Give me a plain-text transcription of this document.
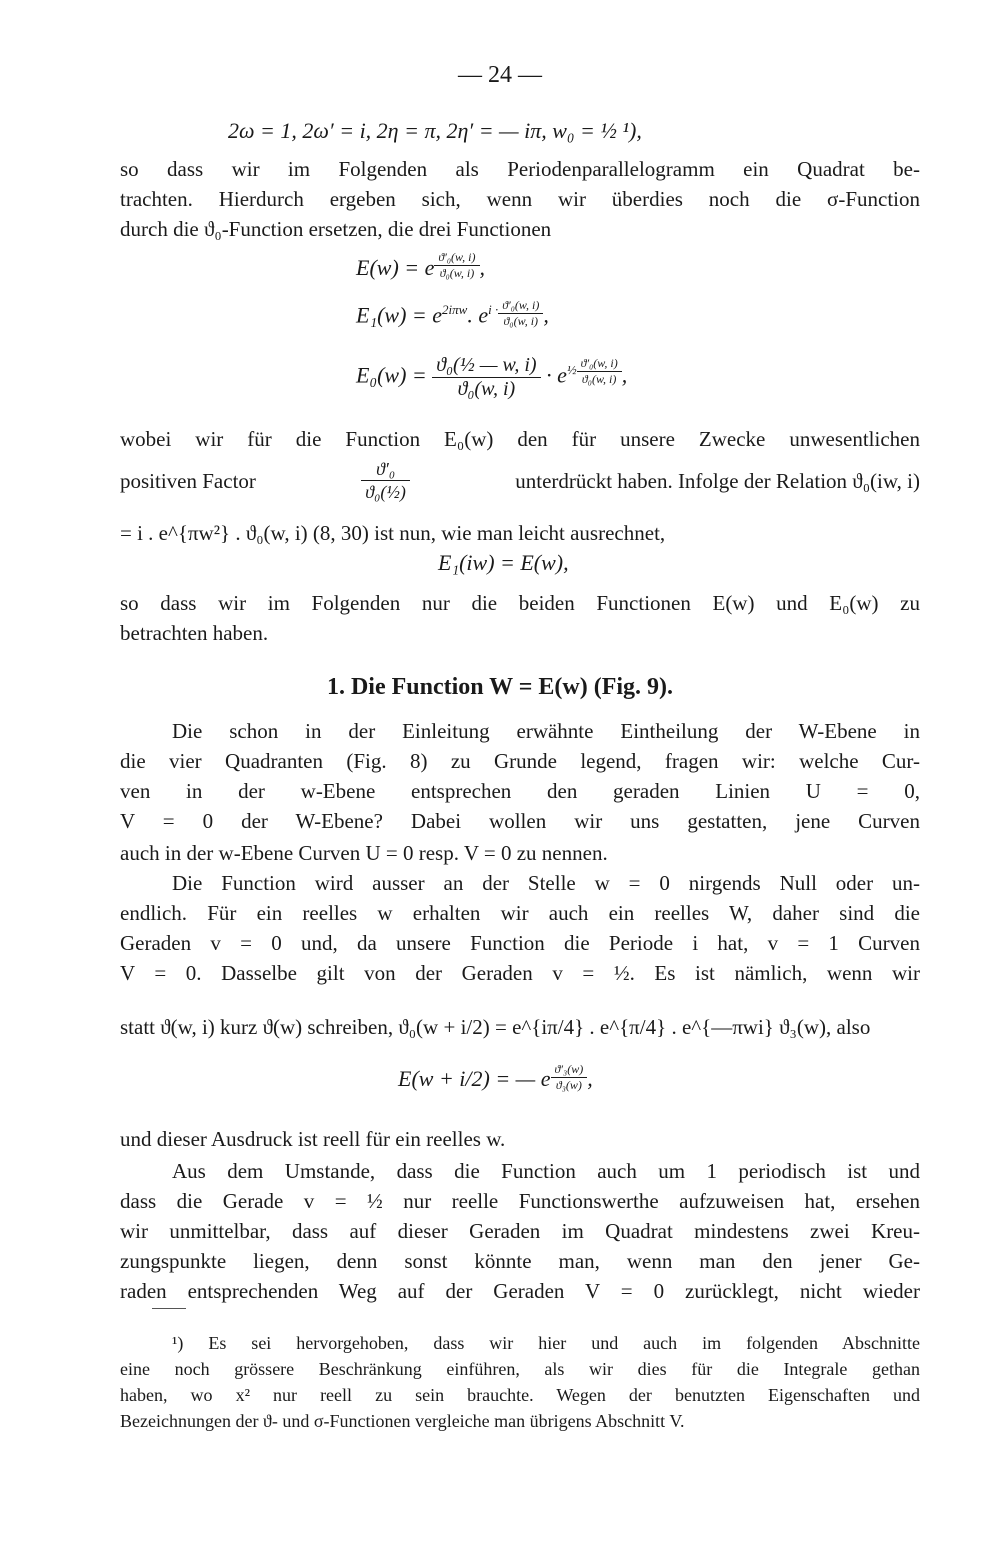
— 24 —
2ω = 1, 2ω′ = i, 2η = π, 2η′ = — iπ, w₀ = ½ ¹),
so dass wir im Folgenden als Periodenparallelogramm ein Quadrat be-
trachten. Hierdurch ergeben sich, wenn wir überdies noch die σ-Function
durch die ϑ₀-Function ersetzen, die drei Functionen
E(w) = e $\frac{\text{ϑ′₀(w, i)}}{\text{ϑ₀(w, i)}}$ ,
$E_1(w) = e^{2i\pi w}$. $e^{i \cdot} \frac{\text{ϑ′₀(w, i)}}{\text{ϑ₀(w, i)}}$ ,
$E_0(w) = \frac{\text{ϑ₀(½ — w, i)}}{\text{ϑ₀(w, i)}} \cdot e^{\frac{1}{2}} \frac{\text{ϑ′₀(w, i)}}{\text{ϑ₀(w, i)}}$ ,
wobei wir für die Function E₀(w) den für unsere Zwecke unwesentlichen
positiven Factor	$\frac{\text{ϑ′₀}}{\text{ϑ₀(½)}}$	unterdrückt haben. Infolge der Relation ϑ₀(iw, i)
= i . e^{πw²} . ϑ₀(w, i) (8, 30) ist nun, wie man leicht ausrechnet,
E₁(iw) = E(w),
so dass wir im Folgenden nur die beiden Functionen E(w) und E₀(w) zu
betrachten haben.
1. Die Function W = E(w) (Fig. 9).
Die schon in der Einleitung erwähnte Eintheilung der W-Ebene in
die vier Quadranten (Fig. 8) zu Grunde legend, fragen wir: welche Cur-
ven in der w-Ebene entsprechen den geraden Linien U = 0,
V = 0 der W-Ebene? Dabei wollen wir uns gestatten, jene Curven
auch in der w-Ebene Curven U = 0 resp. V = 0 zu nennen.
Die Function wird ausser an der Stelle w = 0 nirgends Null oder un-
endlich. Für ein reelles w erhalten wir auch ein reelles W, daher sind die
Geraden v = 0 und, da unsere Function die Periode i hat, v = 1 Curven
V = 0. Dasselbe gilt von der Geraden v = ½. Es ist nämlich, wenn wir
statt ϑ(w, i) kurz ϑ(w) schreiben, ϑ₀(w + i/2) = e^{iπ/4} . e^{π/4} . e^{—πwi} ϑ₃(w), also
E(w + i/2) = — e $\frac{\text{ϑ′₃(w)}}{\text{ϑ₃(w)}}$ ,
und dieser Ausdruck ist reell für ein reelles w.
Aus dem Umstande, dass die Function auch um 1 periodisch ist und
dass die Gerade v = ½ nur reelle Functionswerthe aufzuweisen hat, ersehen
wir unmittelbar, dass auf dieser Geraden im Quadrat mindestens zwei Kreu-
zungspunkte liegen, denn sonst könnte man, wenn man den jener Ge-
raden entsprechenden Weg auf der Geraden V = 0 zurücklegt, nicht wieder
¹) Es sei hervorgehoben, dass wir hier und auch im folgenden Abschnitte
eine noch grössere Beschränkung einführen, als wir dies für die Integrale gethan
haben, wo x² nur reell zu sein brauchte. Wegen der benutzten Eigenschaften und
Bezeichnungen der ϑ- und σ-Functionen vergleiche man übrigens Abschnitt V.
